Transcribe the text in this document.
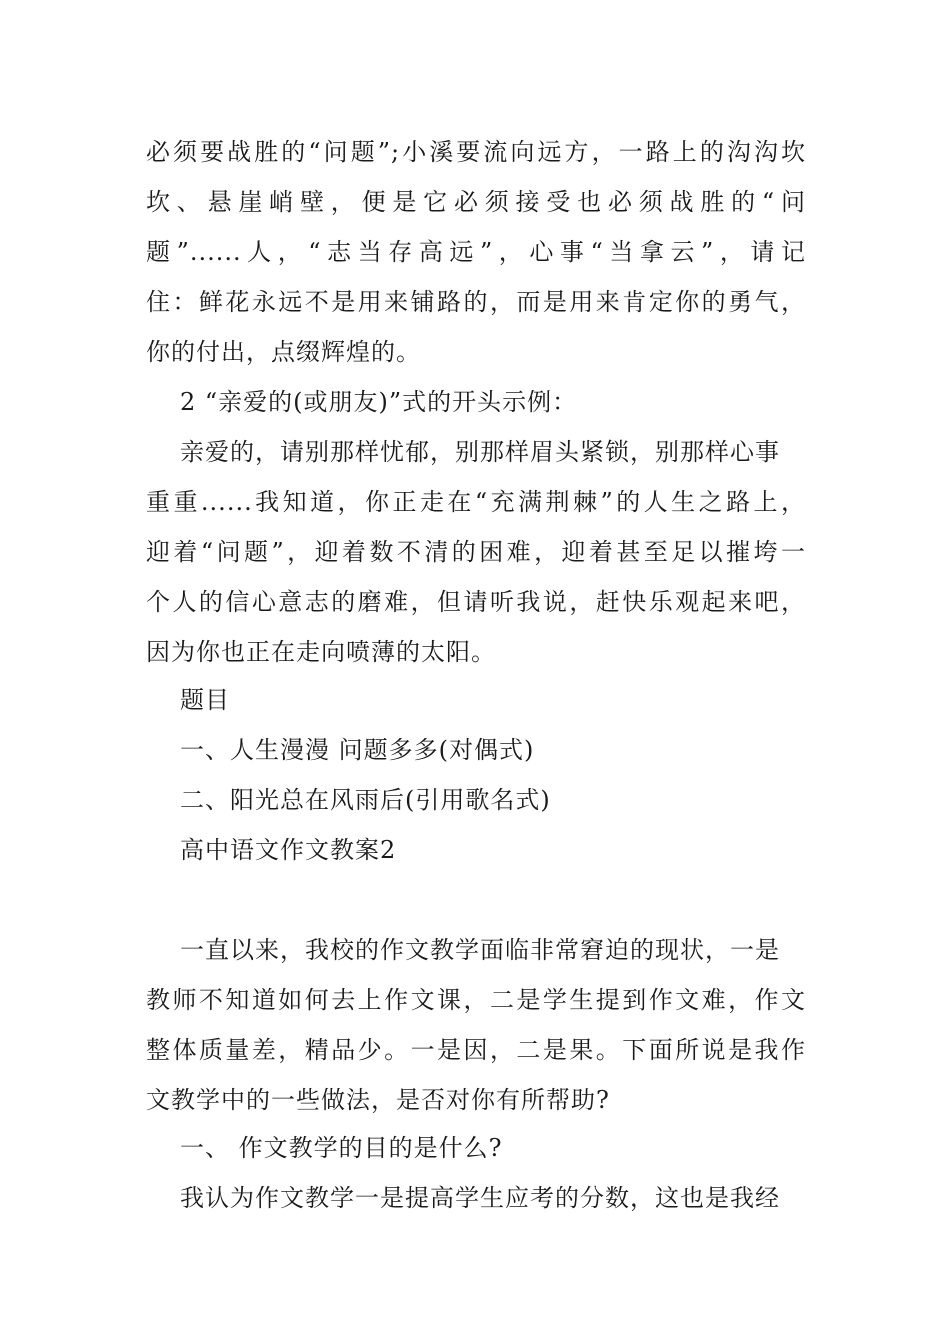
必须要战胜的“问题”;小溪要流向远方，一路上的沟沟坎
坎、悬崖峭壁，便是它必须接受也必须战胜的“问
题”......人，“志当存高远”，心事“当拿云”，请记
住：鲜花永远不是用来铺路的，而是用来肯定你的勇气，
你的付出，点缀辉煌的。
2 “亲爱的(或朋友)”式的开头示例：
亲爱的，请别那样忧郁，别那样眉头紧锁，别那样心事
重重......我知道，你正走在“充满荆棘”的人生之路上，
迎着“问题”，迎着数不清的困难，迎着甚至足以摧垮一
个人的信心意志的磨难，但请听我说，赶快乐观起来吧，
因为你也正在走向喷薄的太阳。
题目
一、人生漫漫 问题多多(对偶式)
二、阳光总在风雨后(引用歌名式)
高中语文作文教案2
一直以来，我校的作文教学面临非常窘迫的现状，一是
教师不知道如何去上作文课，二是学生提到作文难，作文
整体质量差，精品少。一是因，二是果。下面所说是我作
文教学中的一些做法，是否对你有所帮助?
一、 作文教学的目的是什么?
我认为作文教学一是提高学生应考的分数，这也是我经
